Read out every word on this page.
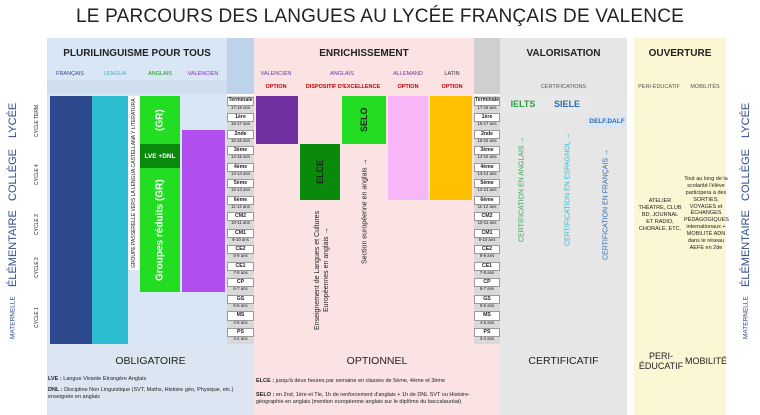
LE PARCOURS DES LANGUES AU LYCÉE FRANÇAIS DE VALENCE
PLURILINGUISME POUR TOUS	ENRICHISSEMENT	VALORISATION	OUVERTURE
FRANÇAIS	LENGUA	ANGLAIS	VALENCIEN	VALENCIEN	ANGLAIS	ALLEMAND	LATIN
OPTION	DISPOSITIF D'EXCELLENCE	OPTION	OPTION	CERTIFICATIONS	PERI-ÉDUCATIF	MOBILITÉS
LYCÉE
COLLÈGE
ÉLÉMENTAIRE
MATERNELLE
LYCÉE
COLLÈGE
ÉLÉMENTAIRE
MATERNELLE
CYCLE TERM.
CYCLE 4
CYCLE 3
CYCLE 2
CYCLE 1
GROUPE PASSERELLE VERS LA LENGUA CASTELLANA Y LITERATURA	(GR)
LVE +DNL
Groupes réduits (GR)
Terminale
17-18 ans
1ère
16-17 ans
2nde
15-16 ans
3ème
14-15 ans
4ème
13-14 ans
5ème
12-13 ans
6ème
11-12 ans
CM2
10-11 ans
CM1
9-10 ans
CE2
8-9 ans
CE1
7-8 ans
CP
6-7 ans
GS
5-6 ans
MS
4-5 ans
PS
3-4 ans
Terminale
17-18 ans
1ère
16-17 ans
2nde
15-16 ans
3ème
14-15 ans
4ème
13-14 ans
5ème
12-13 ans
6ème
11-12 ans
CM2
10-11 ans
CM1
9-10 ans
CE2
8-9 ans
CE1
7-8 ans
CP
6-7 ans
GS
5-6 ans
MS
4-5 ans
PS
3-4 ans
ELCE
SELO
Enseignement de Langues et Cultures Européennes en anglais →
Section européenne en anglais →
IELTS	SIELE
DELF.DALF
CERTIFICATION EN ANGLAIS →	CERTIFICATION EN ESPAGNOL →	CERTIFICATION EN FRANÇAIS →	ATELIER THÉATRE, CLUB BD, JOURNAL ET RADIO, CHORALE, ETC.
Tout au long de la scolarité l'élève participera à des SORTIES, VOYAGES et ÉCHANGES PÉDAGOGIQUES internationaux + MOBILITÉ ADN dans le réseau AEFE en 2de
OBLIGATOIRE	OPTIONNEL	CERTIFICATIF	PERI-ÉDUCATIF MOBILITÉ
LVE : Langue Vivante Etrangère Anglais
DNL : Discipline Non Linguistique (SVT, Maths, Histoire géo, Physique, etc.) enseignée en anglais
ELCE : jusqu'à deux heures par semaine en classes de 5ème, 4ème et 3ème
SELO : en 2nd, 1ère et Tle, 1h de renforcement d'anglais + 1h de DNL SVT ou Histoire-géographie en anglais (mention européenne anglais sur le diplôme du baccalauréat)
